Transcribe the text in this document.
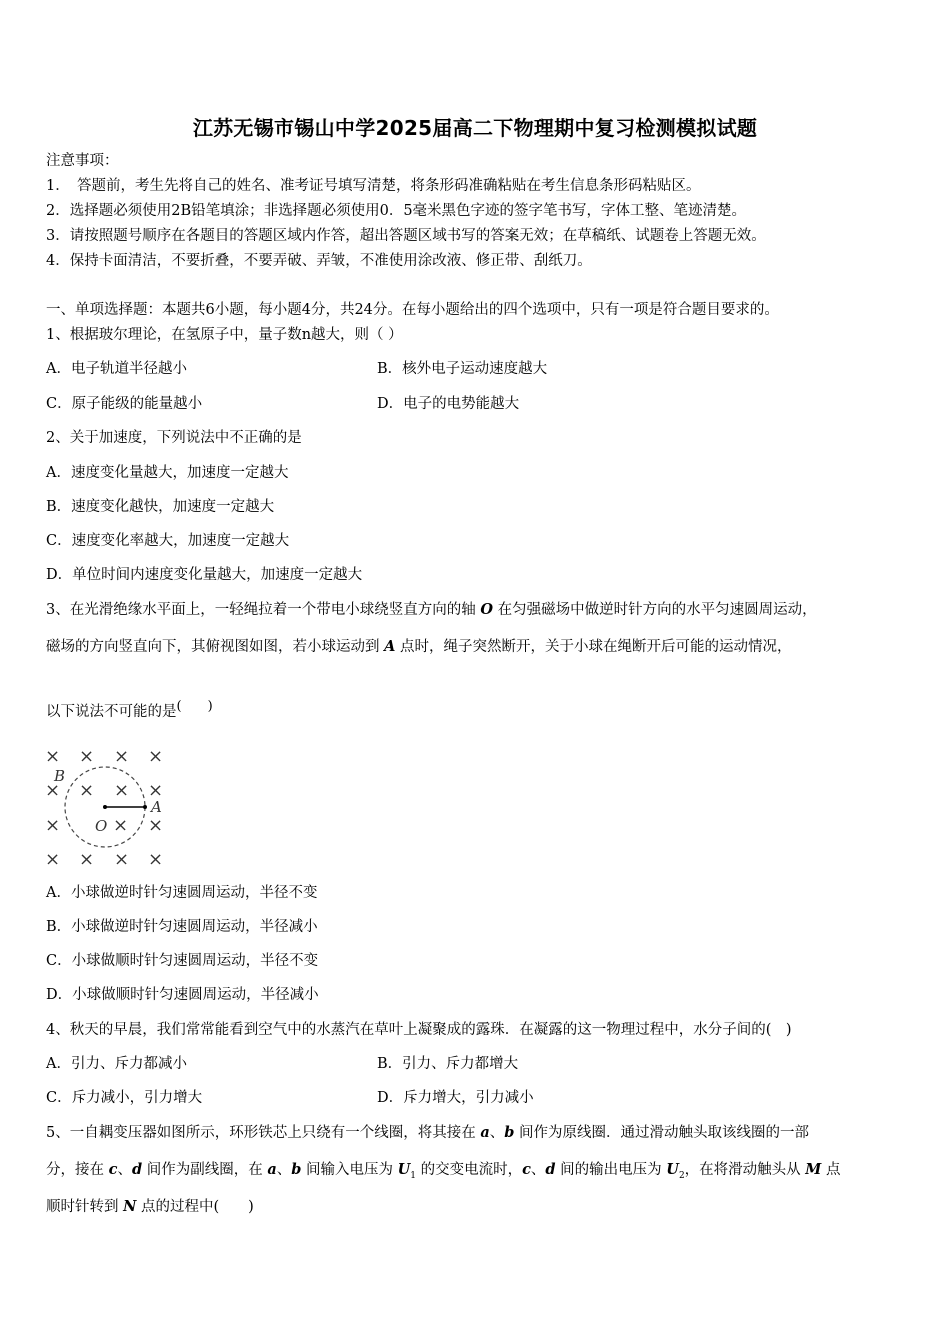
江苏无锡市锡山中学2025届高二下物理期中复习检测模拟试题
注意事项：
1．　答题前，考生先将自己的姓名、准考证号填写清楚，将条形码准确粘贴在考生信息条形码粘贴区。
2．选择题必须使用2B铅笔填涂；非选择题必须使用0．5毫米黑色字迹的签字笔书写，字体工整、笔迹清楚。
3．请按照题号顺序在各题目的答题区域内作答，超出答题区域书写的答案无效；在草稿纸、试题卷上答题无效。
4．保持卡面清洁，不要折叠，不要弄破、弄皱，不准使用涂改液、修正带、刮纸刀。
一、单项选择题：本题共6小题，每小题4分，共24分。在每小题给出的四个选项中，只有一项是符合题目要求的。
1、根据玻尔理论，在氢原子中，量子数n越大，则（ ）
A．电子轨道半径越小	B．核外电子运动速度越大
C．原子能级的能量越小	D．电子的电势能越大
2、关于加速度，下列说法中不正确的是
A．速度变化量越大，加速度一定越大
B．速度变化越快，加速度一定越大
C．速度变化率越大，加速度一定越大
D．单位时间内速度变化量越大，加速度一定越大
3、在光滑绝缘水平面上，一轻绳拉着一个带电小球绕竖直方向的轴 O 在匀强磁场中做逆时针方向的水平匀速圆周运动，
磁场的方向竖直向下，其俯视图如图，若小球运动到 A 点时，绳子突然断开，关于小球在绳断开后可能的运动情况，
以下说法不可能的是(　　)
× × × ×
× × × ×
×	× ×
× × × ×
B
A
O
A．小球做逆时针匀速圆周运动，半径不变
B．小球做逆时针匀速圆周运动，半径减小
C．小球做顺时针匀速圆周运动，半径不变
D．小球做顺时针匀速圆周运动，半径减小
4、秋天的早晨，我们常常能看到空气中的水蒸汽在草叶上凝聚成的露珠．在凝露的这一物理过程中，水分子间的(　)
A．引力、斥力都减小	B．引力、斥力都增大
C．斥力减小，引力增大	D．斥力增大，引力减小
5、一自耦变压器如图所示，环形铁芯上只绕有一个线圈，将其接在 a、b 间作为原线圈．通过滑动触头取该线圈的一部
分，接在 c、d 间作为副线圈，在 a、b 间输入电压为 $U_1$ 的交变电流时，c、d 间的输出电压为 $U_2$，在将滑动触头从 M 点
顺时针转到 N 点的过程中(　　)
